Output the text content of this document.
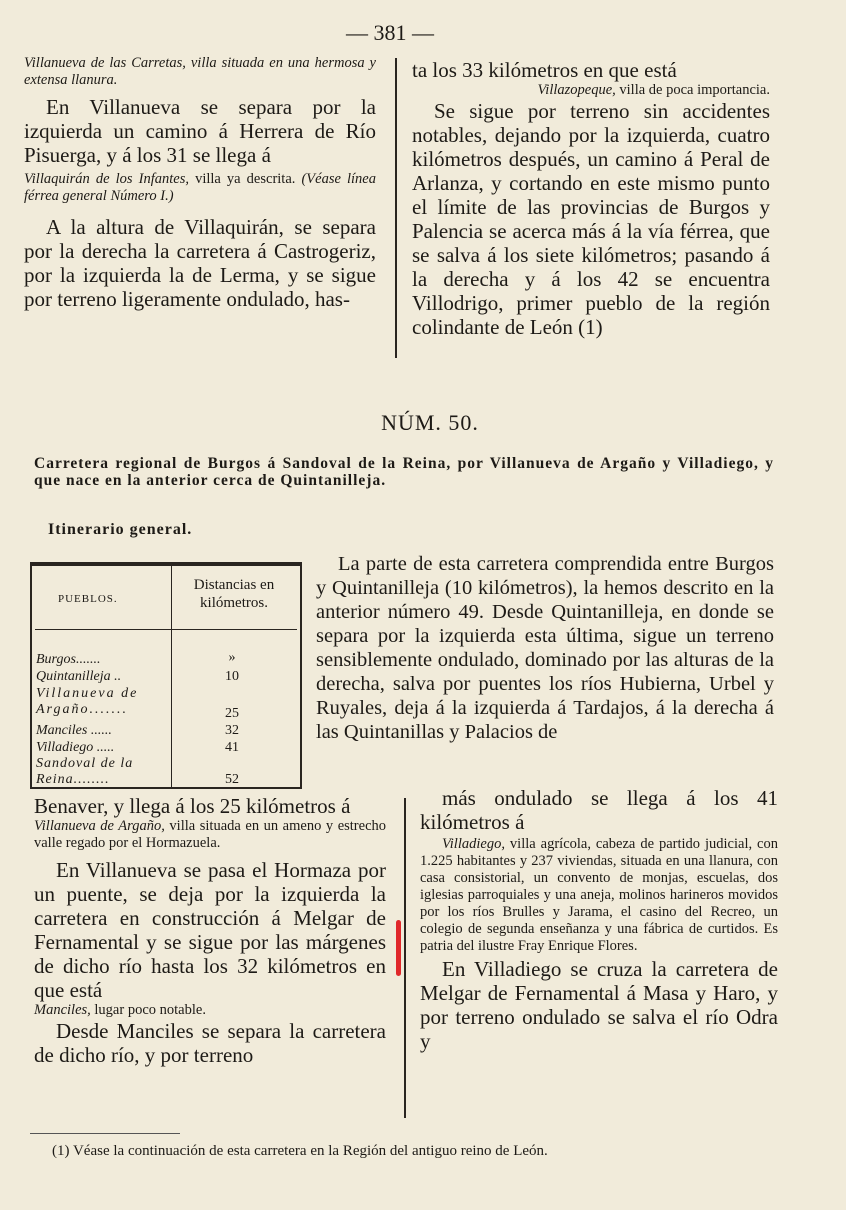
— 381 —

Villanueva de las Carretas, villa situada en una hermosa y extensa llanura.

En Villanueva se separa por la izquierda un camino á Herrera de Río Pisuerga, y á los 31 se llega á

Villaquirán de los Infantes, villa ya descrita. (Véase línea férrea general Número I.)

A la altura de Villaquirán, se separa por la derecha la carretera á Castrogeriz, por la izquierda la de Lerma, y se sigue por terreno ligeramente ondulado, has-

ta los 33 kilómetros en que está

Villazopeque, villa de poca importancia.

Se sigue por terreno sin accidentes notables, dejando por la izquierda, cuatro kilómetros después, un camino á Peral de Arlanza, y cortando en este mismo punto el límite de las provincias de Burgos y Palencia se acerca más á la vía férrea, que se salva á los siete kilómetros; pasando á la derecha y á los 42 se encuentra Villodrigo, primer pueblo de la región colindante de León (1)

NÚM. 50.
Carretera regional de Burgos á Sandoval de la Reina, por Villanueva de Argaño y Villadiego, y que nace en la anterior cerca de Quintanilleja.
Itinerario general.
PUEBLOS.
Distancias en kilómetros.
Burgos.......	»
Quintanilleja ..	10
Villanueva de Argaño.......	25
Manciles ......	32
Villadiego .....	41
Sandoval de la Reina........	52

La parte de esta carretera comprendida entre Burgos y Quintanilleja (10 kilómetros), la hemos descrito en la anterior número 49. Desde Quintanilleja, en donde se separa por la izquierda esta última, sigue un terreno sensiblemente ondulado, dominado por las alturas de la derecha, salva por puentes los ríos Hubierna, Urbel y Ruyales, deja á la izquierda á Tardajos, á la derecha á las Quintanillas y Palacios de

Benaver, y llega á los 25 kilómetros á

Villanueva de Argaño, villa situada en un ameno y estrecho valle regado por el Hormazuela.

En Villanueva se pasa el Hormaza por un puente, se deja por la izquierda la carretera en construcción á Melgar de Fernamental y se sigue por las márgenes de dicho río hasta los 32 kilómetros en que está

Manciles, lugar poco notable.

Desde Manciles se separa la carretera de dicho río, y por terreno

más ondulado se llega á los 41 kilómetros á

Villadiego, villa agrícola, cabeza de partido judicial, con 1.225 habitantes y 237 viviendas, situada en una llanura, con casa consistorial, un convento de monjas, escuelas, dos iglesias parroquiales y una aneja, molinos harineros movidos por los ríos Brulles y Jarama, el casino del Recreo, un colegio de segunda enseñanza y una fábrica de curtidos. Es patria del ilustre Fray Enrique Flores.

En Villadiego se cruza la carretera de Melgar de Fernamental á Masa y Haro, y por terreno ondulado se salva el río Odra y

(1) Véase la continuación de esta carretera en la Región del antiguo reino de León.
